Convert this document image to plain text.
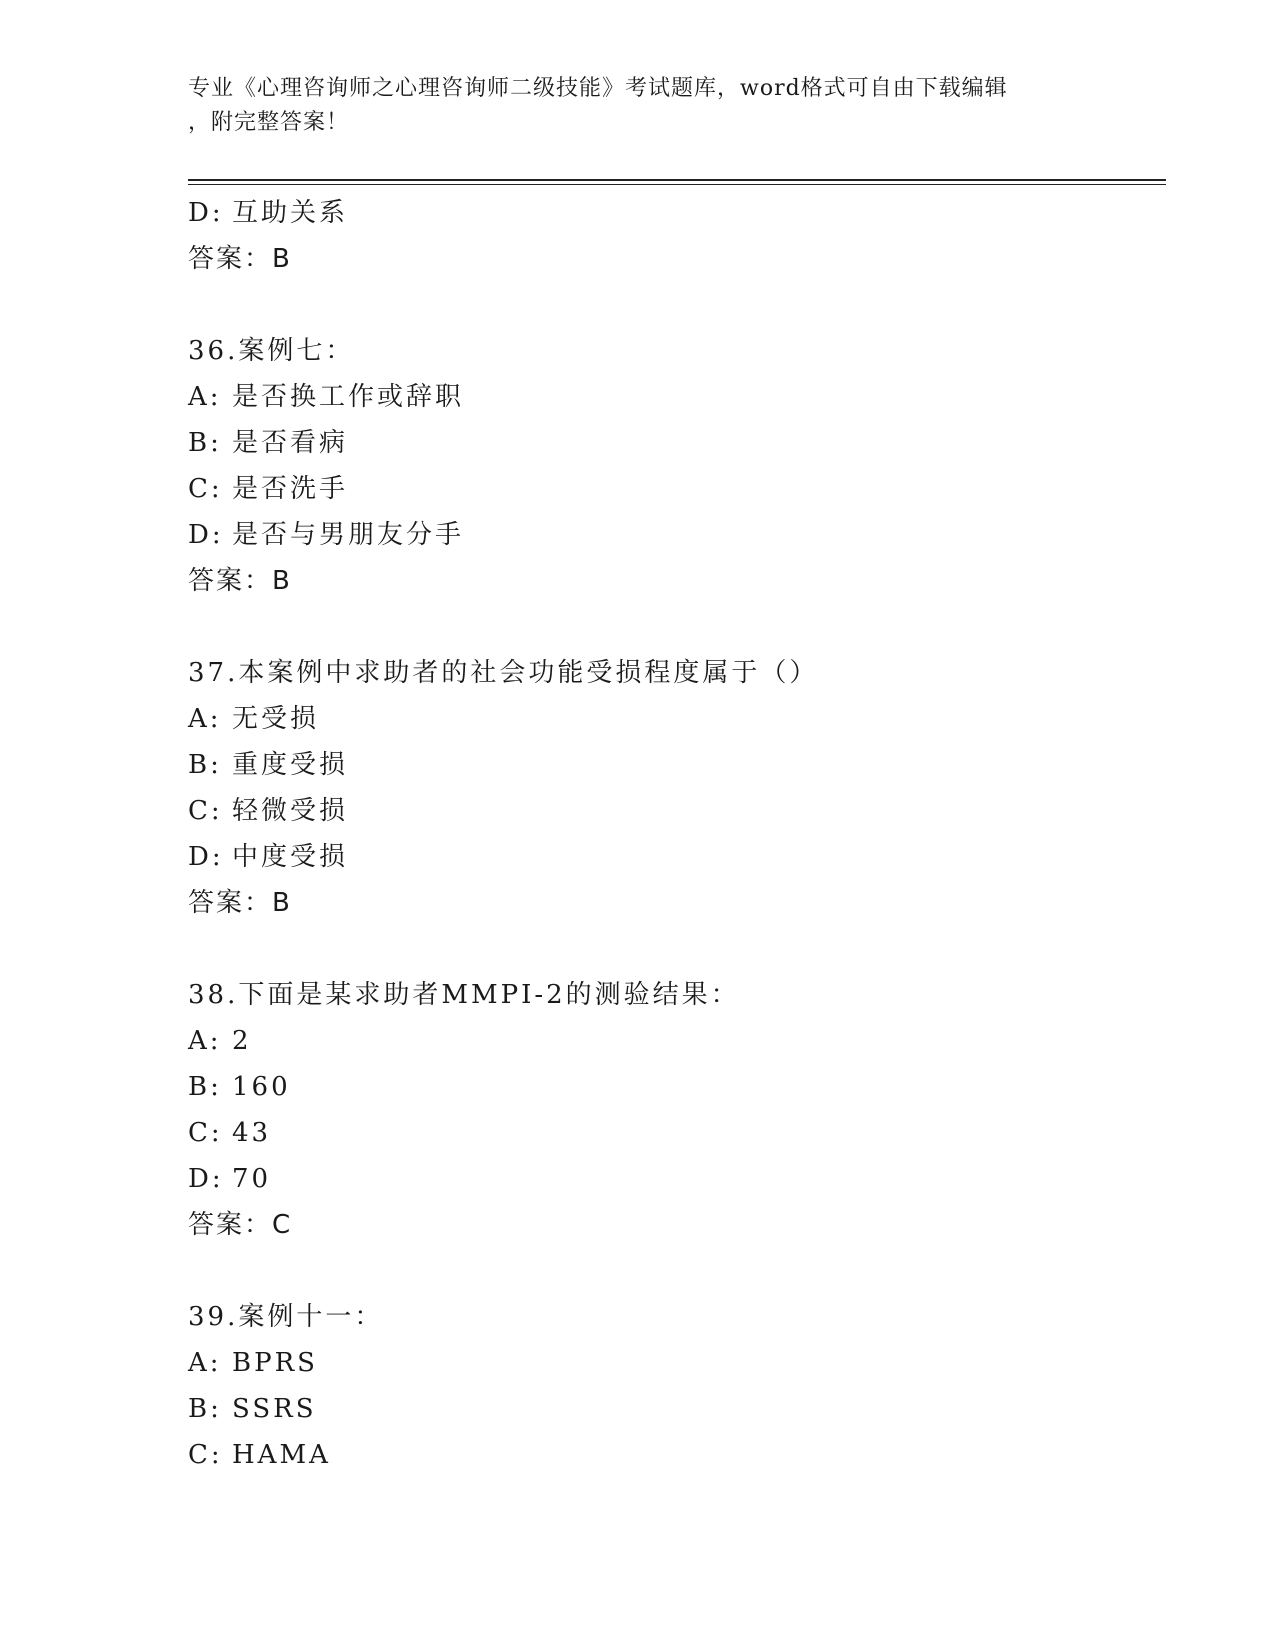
专业《心理咨询师之心理咨询师二级技能》考试题库，word格式可自由下载编辑
，附完整答案！
D: 互助关系
答案：B
36.案例七：
A: 是否换工作或辞职
B: 是否看病
C: 是否洗手
D: 是否与男朋友分手
答案：B
37.本案例中求助者的社会功能受损程度属于（）
A: 无受损
B: 重度受损
C: 轻微受损
D: 中度受损
答案：B
38.下面是某求助者MMPI-2的测验结果：
A: 2
B: 160
C: 43
D: 70
答案：C
39.案例十一：
A: BPRS
B: SSRS
C: HAMA
